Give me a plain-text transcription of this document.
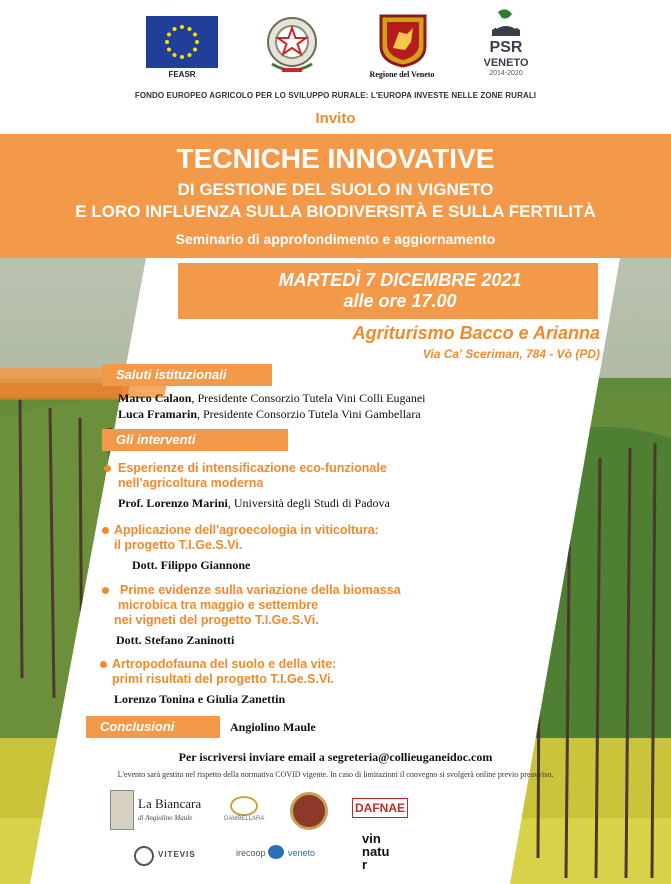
FEASR	Regione del Veneto
PSR
VENETO
2014-2020
FONDO EUROPEO AGRICOLO PER LO SVILUPPO RURALE: L'EUROPA INVESTE NELLE ZONE RURALI
Invito
TECNICHE INNOVATIVE
DI GESTIONE DEL SUOLO IN VIGNETO
E LORO INFLUENZA SULLA BIODIVERSITÀ E SULLA FERTILITÀ
Seminario di approfondimento e aggiornamento
MARTEDÌ 7 DICEMBRE 2021
alle ore 17.00
Agriturismo Bacco e Arianna
Via Ca' Sceriman, 784 - Vò (PD)
Saluti istituzionali
Marco Calaon, Presidente Consorzio Tutela Vini Colli Euganei
Luca Framarin, Presidente Consorzio Tutela Vini Gambellara
Gli interventi
Esperienze di intensificazione eco-funzionale
nell'agricoltura moderna
Prof. Lorenzo Marini, Università degli Studi di Padova
Applicazione dell'agroecologia in viticoltura:
il progetto T.I.Ge.S.Vi.
Dott. Filippo Giannone
Prime evidenze sulla variazione della biomassa
microbica tra maggio e settembre
nei vigneti del progetto T.I.Ge.S.Vi.
Dott. Stefano Zaninotti
Artropodofauna del suolo e della vite:
primi risultati del progetto T.I.Ge.S.Vi.
Lorenzo Tonina e Giulia Zanettin
Conclusioni	Angiolino Maule
Per iscriversi inviare email a segreteria@collieuganeidoc.com
L'evento sarà gestito nel rispetto della normativa COVID vigente. In caso di limitazioni il convegno si svolgerà online previo preavviso.
La Biancara
di Angiolino Maule	GAMBELLARA
DAFNAE
VITEVIS	irecoop veneto
vin natur
